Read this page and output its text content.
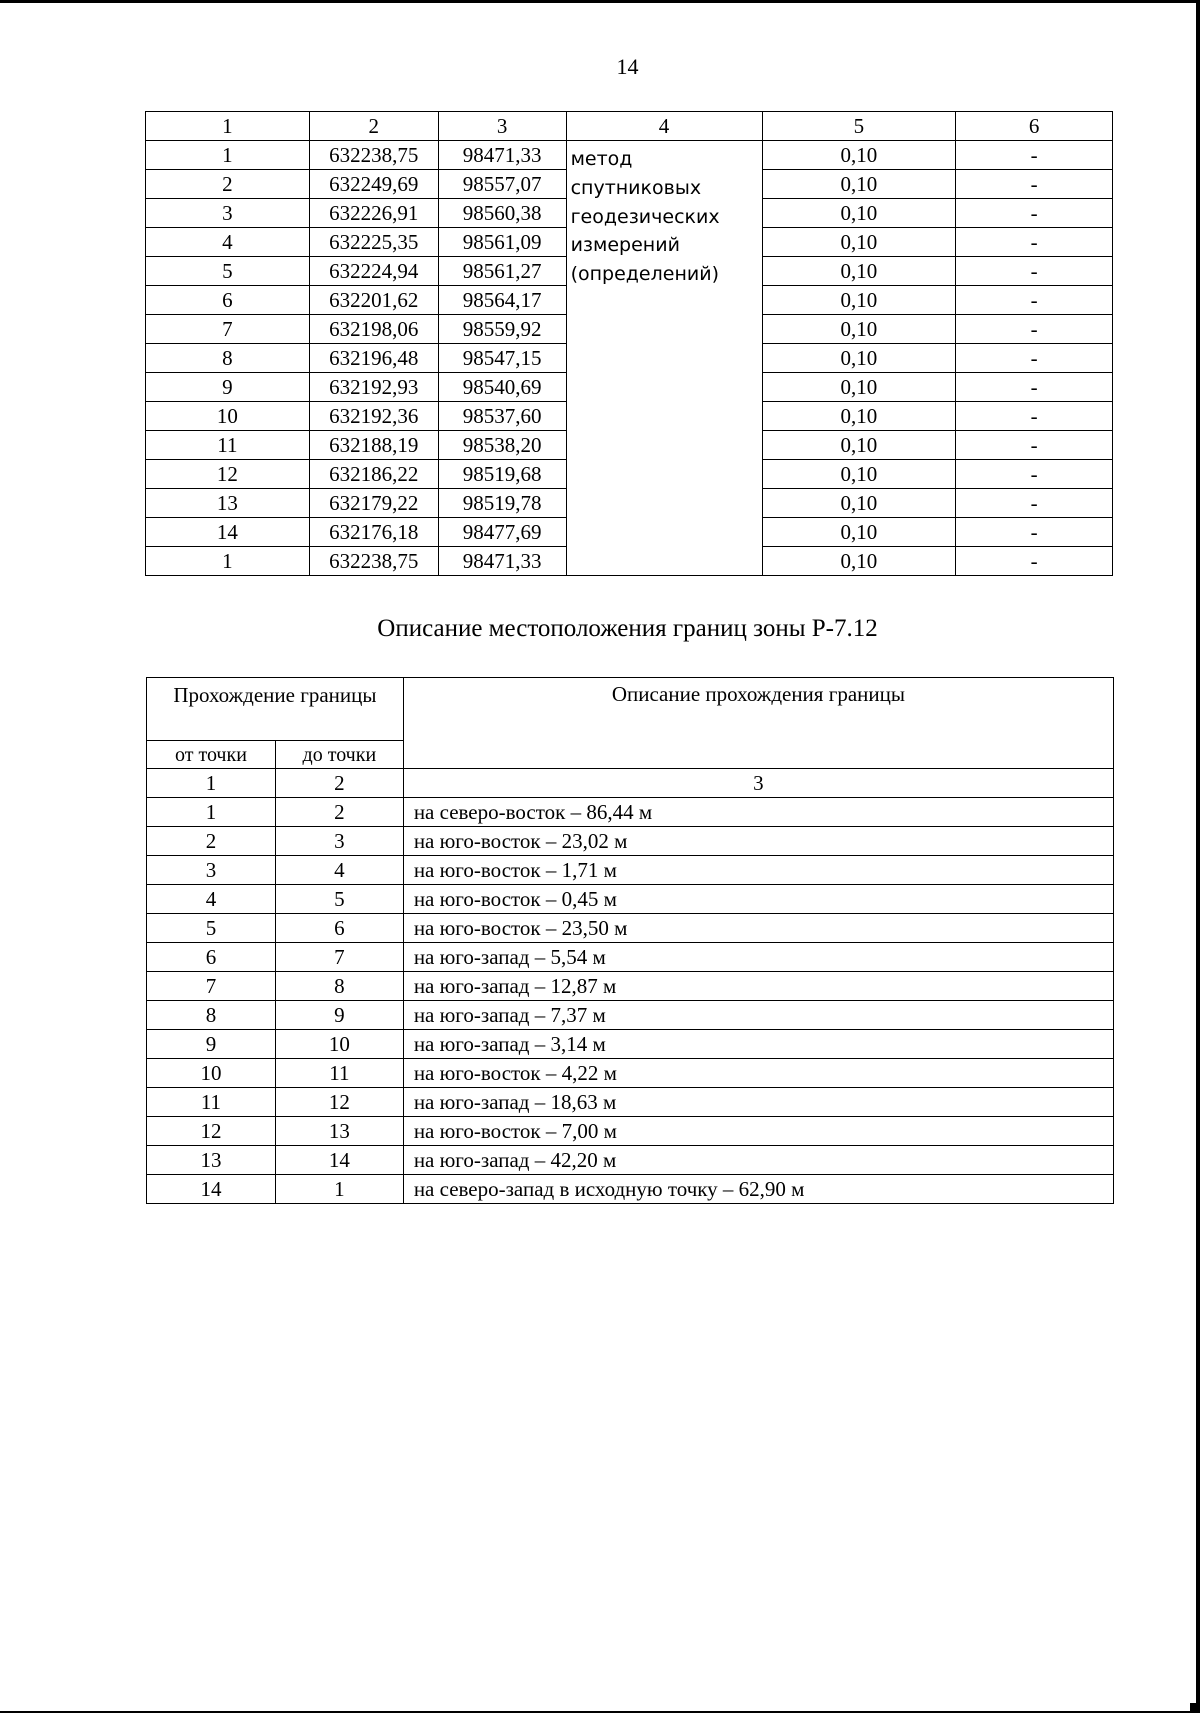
14
1	2	3	4	5	6
1	632238,75	98471,33	метод
спутниковых
геодезических
измерений
(определений)	0,10	-
2	632249,69	98557,07		0,10	-
3	632226,91	98560,38		0,10	-
4	632225,35	98561,09		0,10	-
5	632224,94	98561,27		0,10	-
6	632201,62	98564,17		0,10	-
7	632198,06	98559,92		0,10	-
8	632196,48	98547,15		0,10	-
9	632192,93	98540,69		0,10	-
10	632192,36	98537,60		0,10	-
11	632188,19	98538,20		0,10	-
12	632186,22	98519,68		0,10	-
13	632179,22	98519,78		0,10	-
14	632176,18	98477,69		0,10	-
1	632238,75	98471,33		0,10	-
Описание местоположения границ зоны Р-7.12
Прохождение границы		Описание прохождения границы
от точки	до точки	
1	2	3
1	2	на северо-восток – 86,44 м
2	3	на юго-восток – 23,02 м
3	4	на юго-восток – 1,71 м
4	5	на юго-восток – 0,45 м
5	6	на юго-восток – 23,50 м
6	7	на юго-запад – 5,54 м
7	8	на юго-запад – 12,87 м
8	9	на юго-запад – 7,37 м
9	10	на юго-запад – 3,14 м
10	11	на юго-восток – 4,22 м
11	12	на юго-запад – 18,63 м
12	13	на юго-восток – 7,00 м
13	14	на юго-запад – 42,20 м
14	1	на северо-запад в исходную точку – 62,90 м
